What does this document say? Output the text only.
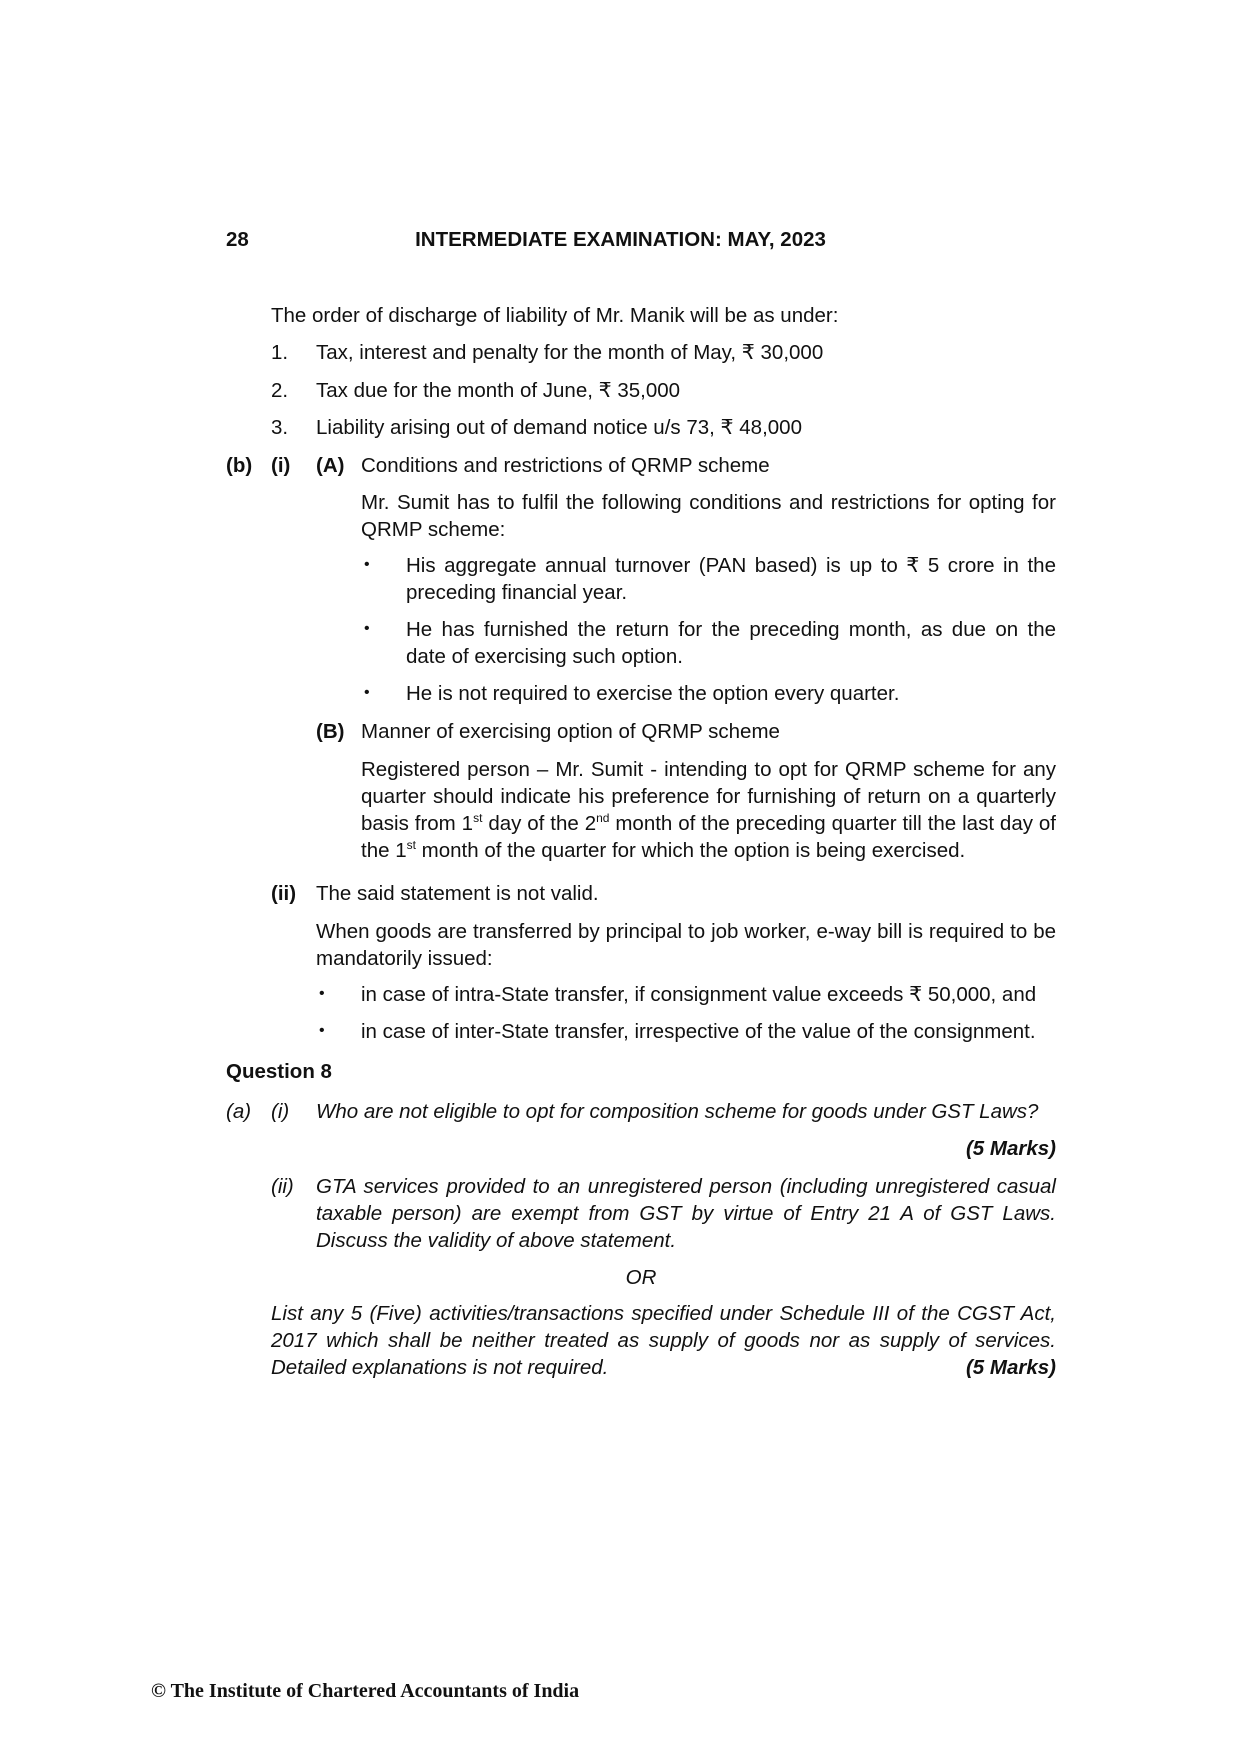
28	INTERMEDIATE EXAMINATION: MAY, 2023
The order of discharge of liability of Mr. Manik will be as under:
1. Tax, interest and penalty for the month of May, ₹ 30,000
2. Tax due for the month of June, ₹ 35,000
3. Liability arising out of demand notice u/s 73, ₹ 48,000
(b) (i) (A) Conditions and restrictions of QRMP scheme
Mr. Sumit has to fulfil the following conditions and restrictions for opting for QRMP scheme:
• His aggregate annual turnover (PAN based) is up to ₹ 5 crore in the preceding financial year.
• He has furnished the return for the preceding month, as due on the date of exercising such option.
• He is not required to exercise the option every quarter.
(B) Manner of exercising option of QRMP scheme
Registered person – Mr. Sumit - intending to opt for QRMP scheme for any quarter should indicate his preference for furnishing of return on a quarterly basis from 1st day of the 2nd month of the preceding quarter till the last day of the 1st month of the quarter for which the option is being exercised.
(ii) The said statement is not valid.
When goods are transferred by principal to job worker, e-way bill is required to be mandatorily issued:
• in case of intra-State transfer, if consignment value exceeds ₹ 50,000, and
• in case of inter-State transfer, irrespective of the value of the consignment.
Question 8
(a) (i) Who are not eligible to opt for composition scheme for goods under GST Laws?
(5 Marks)
(ii) GTA services provided to an unregistered person (including unregistered casual taxable person) are exempt from GST by virtue of Entry 21 A of GST Laws. Discuss the validity of above statement.
OR
List any 5 (Five) activities/transactions specified under Schedule III of the CGST Act, 2017 which shall be neither treated as supply of goods nor as supply of services. Detailed explanations is not required.	(5 Marks)
© The Institute of Chartered Accountants of India
